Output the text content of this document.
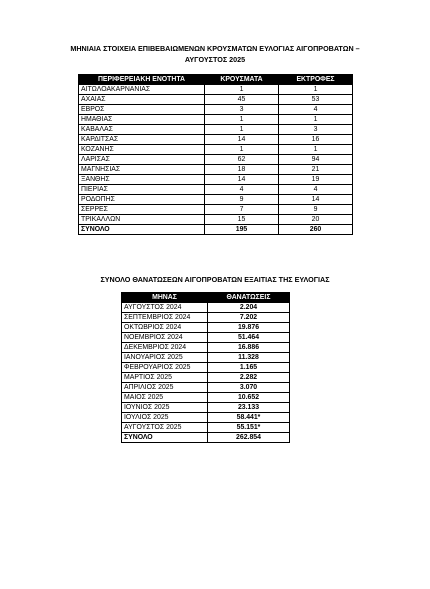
ΜΗΝΙΑΙΑ ΣΤΟΙΧΕΙΑ ΕΠΙΒΕΒΑΙΩΜΕΝΩΝ ΚΡΟΥΣΜΑΤΩΝ ΕΥΛΟΓΙΑΣ ΑΙΓΟΠΡΟΒΑΤΩΝ –
ΑΥΓΟΥΣΤΟΣ 2025
ΠΕΡΙΦΕΡΕΙΑΚΗ ΕΝΟΤΗΤΑ	ΚΡΟΥΣΜΑΤΑ	ΕΚΤΡΟΦΕΣ
ΑΙΤΩΛΟΑΚΑΡΝΑΝΙΑΣ	1	1
ΑΧΑΙΑΣ	45	53
ΕΒΡΟΣ	3	4
ΗΜΑΘΙΑΣ	1	1
ΚΑΒΑΛΑΣ	1	3
ΚΑΡΔΙΤΣΑΣ	14	16
ΚΟΖΑΝΗΣ	1	1
ΛΑΡΙΣΑΣ	62	94
ΜΑΓΝΗΣΙΑΣ	18	21
ΞΑΝΘΗΣ	14	19
ΠΙΕΡΙΑΣ	4	4
ΡΟΔΟΠΗΣ	9	14
ΣΕΡΡΕΣ	7	9
ΤΡΙΚΑΛΛΩΝ	15	20
ΣΥΝΟΛΟ	195	260
ΣΥΝΟΛΟ ΘΑΝΑΤΩΣΕΩΝ ΑΙΓΟΠΡΟΒΑΤΩΝ ΕΞΑΙΤΙΑΣ ΤΗΣ ΕΥΛΟΓΙΑΣ
ΜΗΝΑΣ	ΘΑΝΑΤΩΣΕΙΣ
ΑΥΓΟΥΣΤΟΣ 2024	2.204
ΣΕΠΤΕΜΒΡΙΟΣ 2024	7.202
ΟΚΤΩΒΡΙΟΣ 2024	19.876
ΝΟΕΜΒΡΙΟΣ 2024	51.464
ΔΕΚΕΜΒΡΙΟΣ 2024	16.886
ΙΑΝΟΥΑΡΙΟΣ 2025	11.328
ΦΕΒΡΟΥΑΡΙΟΣ 2025	1.165
ΜΑΡΤΙΟΣ 2025	2.282
ΑΠΡΙΛΙΟΣ 2025	3.070
ΜΑΙΟΣ 2025	10.652
ΙΟΥΝΙΟΣ 2025	23.133
ΙΟΥΛΙΟΣ 2025	58.441*
ΑΥΓΟΥΣΤΟΣ 2025	55.151*
ΣΥΝΟΛΟ	262.854
